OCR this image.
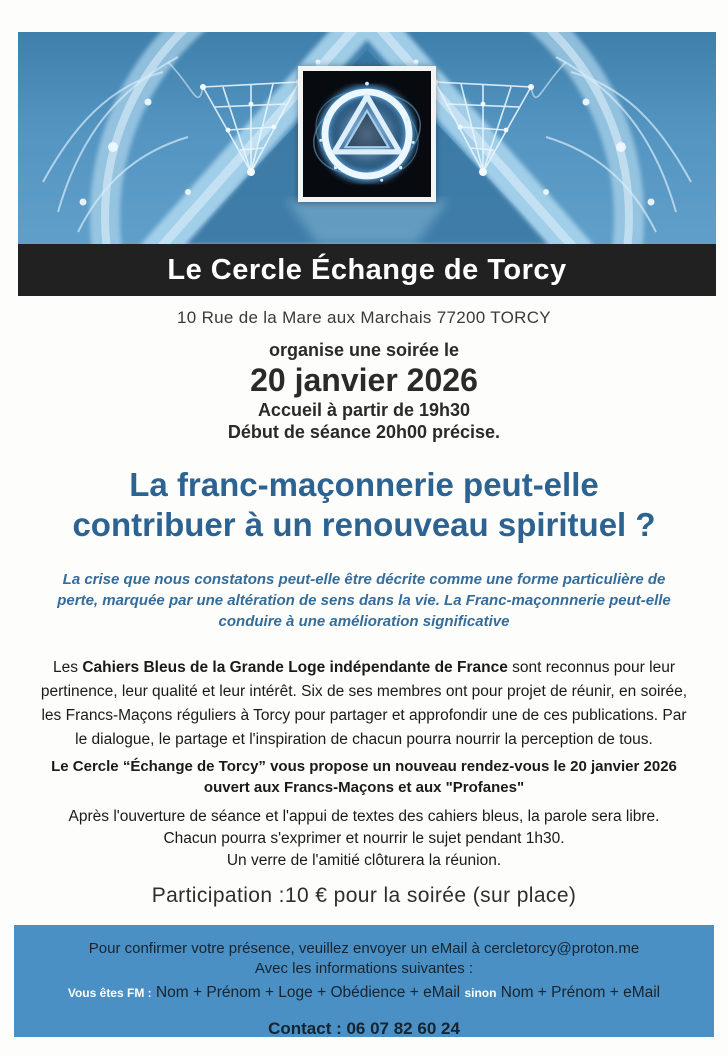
Le Cercle Échange de Torcy
10 Rue de la Mare aux Marchais 77200 TORCY
organise une soirée le
20 janvier 2026
Accueil à partir de 19h30
Début de séance 20h00 précise.
La franc-maçonnerie peut-elle
contribuer à un renouveau spirituel ?
La crise que nous constatons peut-elle être décrite comme une forme particulière de perte, marquée par une altération de sens dans la vie. La Franc-maçonnnerie peut-elle conduire à une amélioration significative

Les Cahiers Bleus de la Grande Loge indépendante de France sont reconnus pour leur pertinence, leur qualité et leur intérêt. Six de ses membres ont pour projet de réunir, en soirée, les Francs-Maçons réguliers à Torcy pour partager et approfondir une de ces publications. Par le dialogue, le partage et l'inspiration de chacun pourra nourrir la perception de tous.

Le Cercle “Échange de Torcy” vous propose un nouveau rendez-vous le 20 janvier 2026
ouvert aux Francs-Maçons et aux "Profanes"
Après l'ouverture de séance et l'appui de textes des cahiers bleus, la parole sera libre.
Chacun pourra s'exprimer et nourrir le sujet pendant 1h30.
Un verre de l'amitié clôturera la réunion.
Participation :10 € pour la soirée (sur place)
Pour confirmer votre présence, veuillez envoyer un eMail à cercletorcy@proton.me
Avec les informations suivantes :
Vous êtes FM : Nom + Prénom + Loge + Obédience + eMail sinon Nom + Prénom + eMail
Contact : 06 07 82 60 24
